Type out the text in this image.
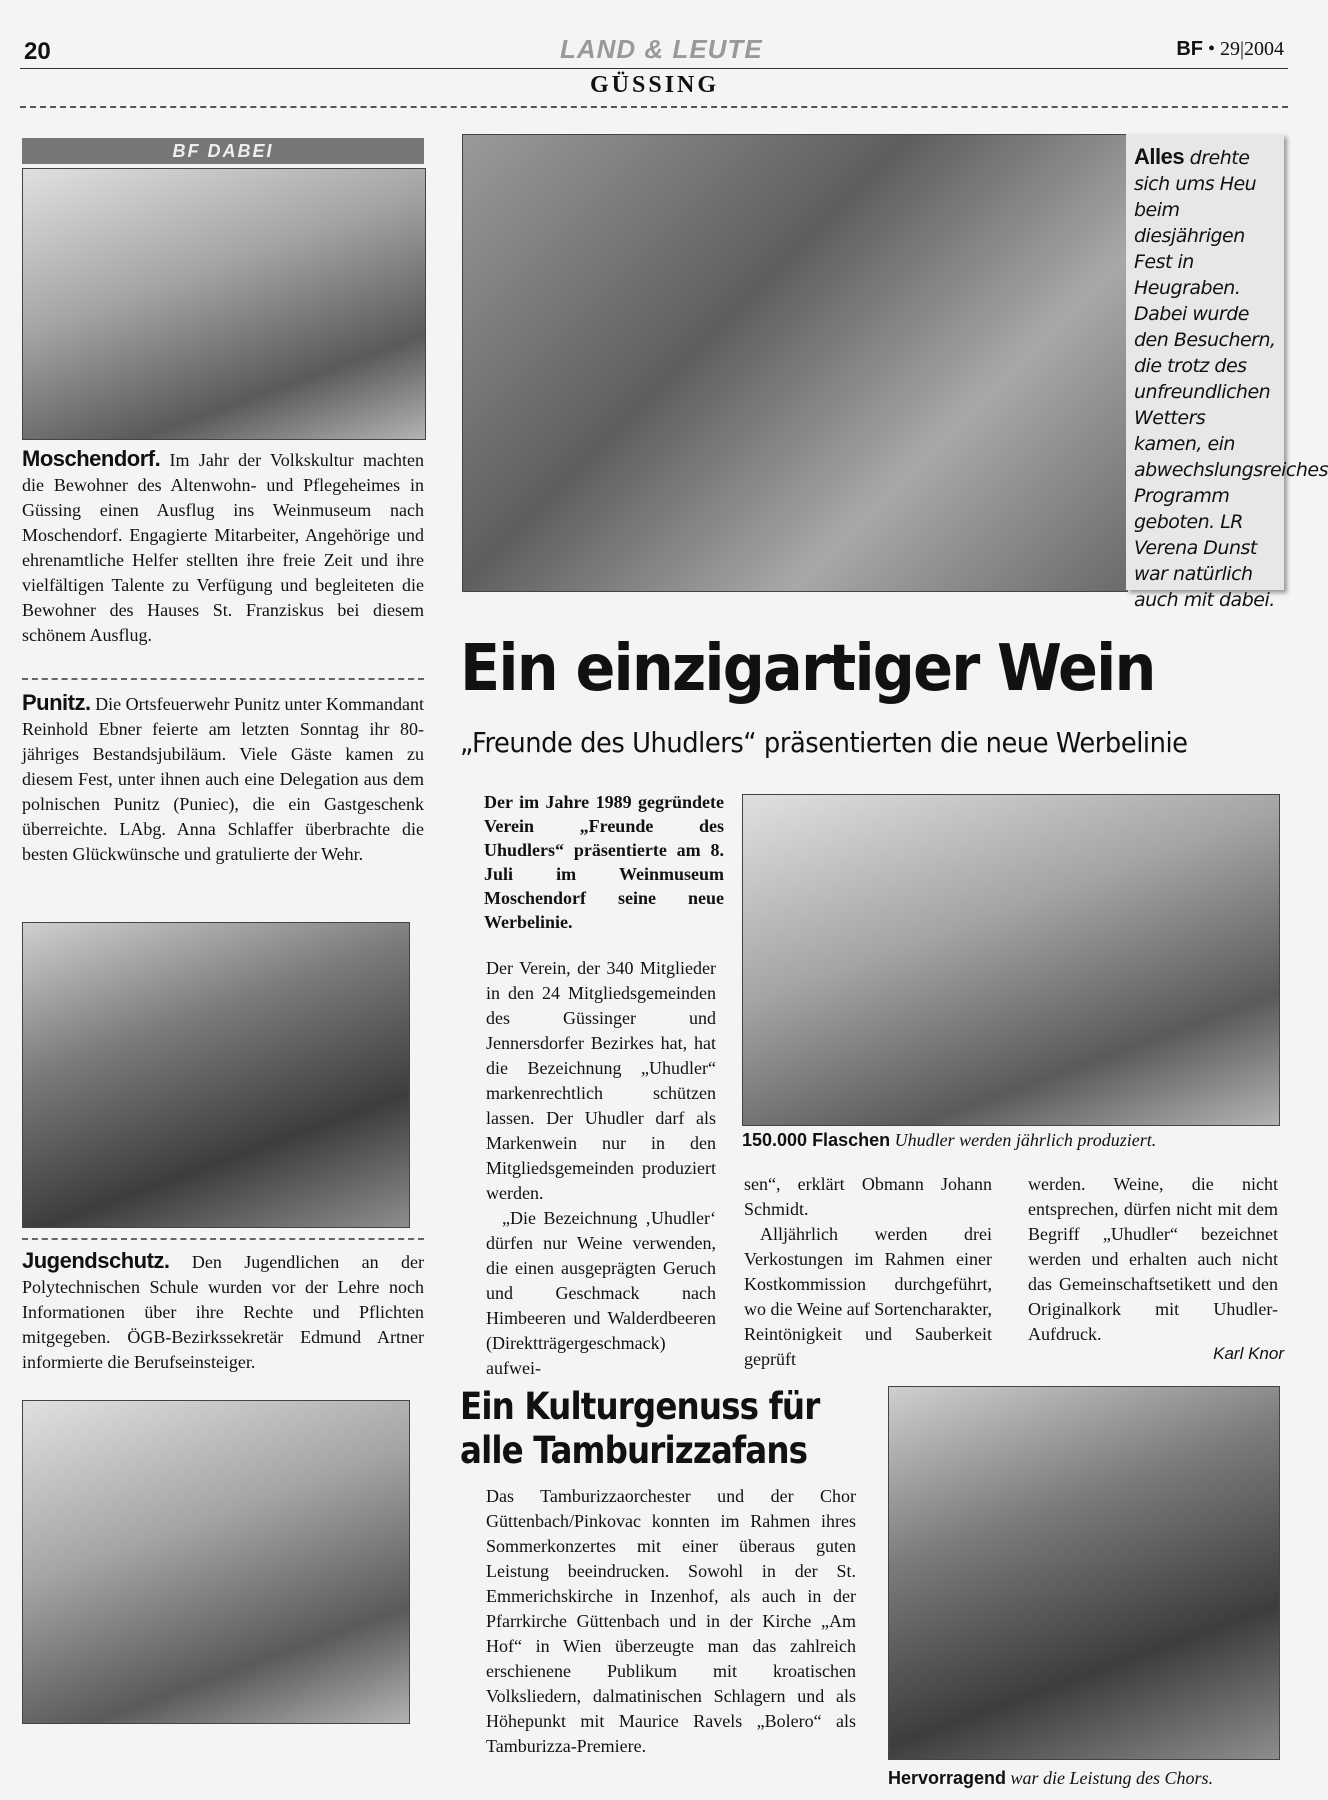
20	LAND & LEUTE	BF • 29|2004
GÜSSING
BF DABEI
Moschendorf. Im Jahr der Volkskultur machten die Bewohner des Altenwohn- und Pflegeheimes in Güssing einen Ausflug ins Weinmuseum nach Moschendorf. Engagierte Mitarbeiter, Angehörige und ehrenamtliche Helfer stellten ihre freie Zeit und ihre vielfältigen Talente zu Verfügung und begleiteten die Bewohner des Hauses St. Franziskus bei diesem schönem Ausflug.
Punitz. Die Ortsfeuerwehr Punitz unter Kommandant Reinhold Ebner feierte am letzten Sonntag ihr 80-jähriges Bestandsjubiläum. Viele Gäste kamen zu diesem Fest, unter ihnen auch eine Delegation aus dem polnischen Punitz (Puniec), die ein Gastgeschenk überreichte. LAbg. Anna Schlaffer überbrachte die besten Glückwünsche und gratulierte der Wehr.
Jugendschutz. Den Jugendlichen an der Polytechnischen Schule wurden vor der Lehre noch Informationen über ihre Rechte und Pflichten mitgegeben. ÖGB-Bezirkssekretär Edmund Artner informierte die Berufseinsteiger.
Alles drehte sich ums Heu beim diesjährigen Fest in Heugraben. Dabei wurde den Besuchern, die trotz des unfreundlichen Wetters kamen, ein abwechslungsreiches Programm geboten. LR Verena Dunst war natürlich auch mit dabei.
Ein einzigartiger Wein
„Freunde des Uhudlers“ präsentierten die neue Werbelinie
Der im Jahre 1989 gegründete Verein „Freunde des Uhudlers“ präsentierte am 8. Juli im Weinmuseum Moschendorf seine neue Werbelinie.
150.000 Flaschen Uhudler werden jährlich produziert.
Der Verein, der 340 Mitglieder in den 24 Mitgliedsgemeinden des Güssinger und Jennersdorfer Bezirkes hat, hat die Bezeichnung „Uhudler“ markenrechtlich schützen lassen. Der Uhudler darf als Markenwein nur in den Mitgliedsgemeinden produziert werden.
„Die Bezeichnung ‚Uhudler‘ dürfen nur Weine verwenden, die einen ausgeprägten Geruch und Geschmack nach Himbeeren und Walderdbeeren (Direktträgergeschmack) aufwei-
sen“, erklärt Obmann Johann Schmidt.
Alljährlich werden drei Verkostungen im Rahmen einer Kostkommission durchgeführt, wo die Weine auf Sortencharakter, Reintönigkeit und Sauberkeit geprüft
werden. Weine, die nicht entsprechen, dürfen nicht mit dem Begriff „Uhudler“ bezeichnet werden und erhalten auch nicht das Gemeinschaftsetikett und den Originalkork mit Uhudler-Aufdruck.
Karl Knor
Ein Kulturgenuss für
alle Tamburizzafans
Das Tamburizzaorchester und der Chor Güttenbach/Pinkovac konnten im Rahmen ihres Sommerkonzertes mit einer überaus guten Leistung beeindrucken. Sowohl in der St. Emmerichskirche in Inzenhof, als auch in der Pfarrkirche Güttenbach und in der Kirche „Am Hof“ in Wien überzeugte man das zahlreich erschienene Publikum mit kroatischen Volksliedern, dalmatinischen Schlagern und als Höhepunkt mit Maurice Ravels „Bolero“ als Tamburizza-Premiere.
Hervorragend war die Leistung des Chors.
